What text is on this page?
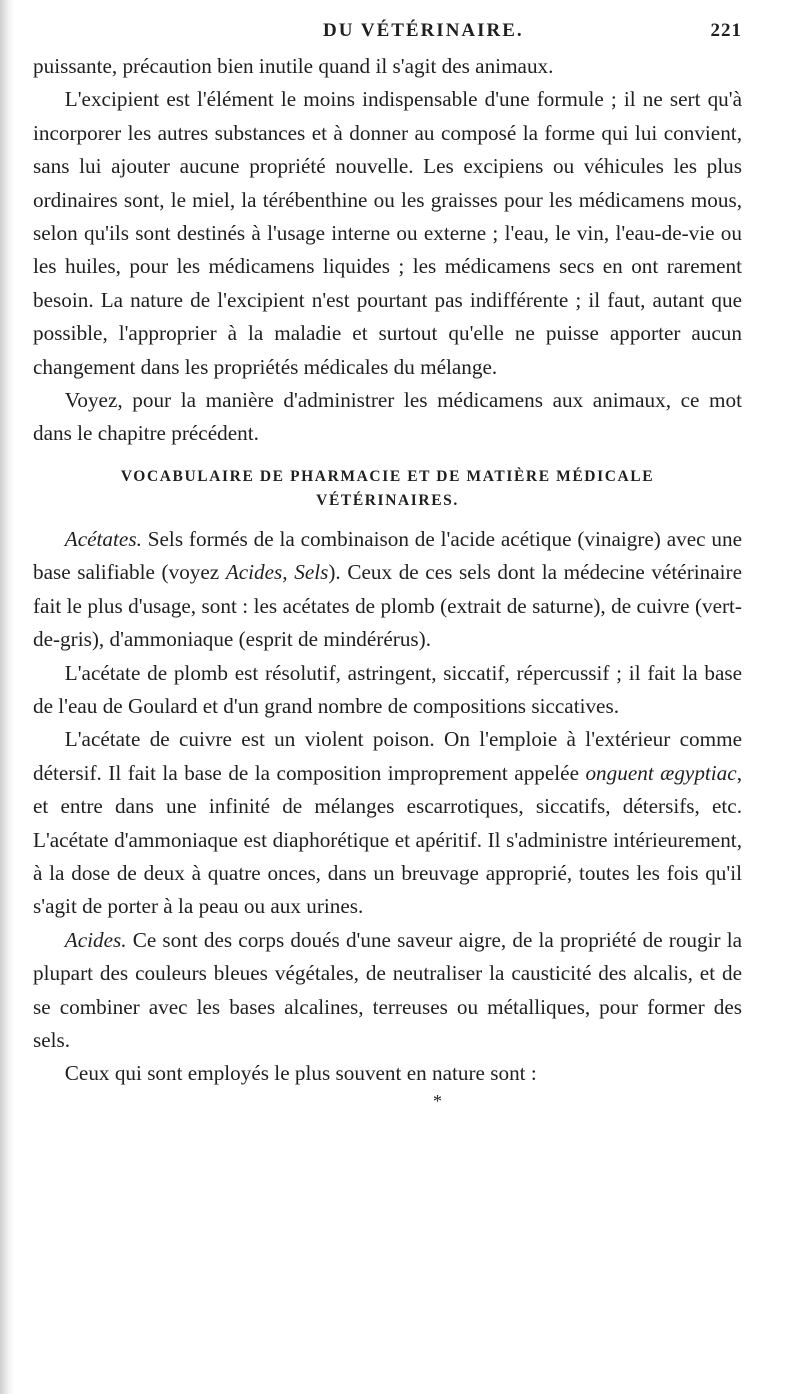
DU VÉTÉRINAIRE.	221

puissante, précaution bien inutile quand il s'agit des animaux.

L'excipient est l'élément le moins indispensable d'une formule ; il ne sert qu'à incorporer les autres substances et à donner au composé la forme qui lui convient, sans lui ajouter aucune propriété nouvelle. Les excipiens ou véhicules les plus ordinaires sont, le miel, la térébenthine ou les graisses pour les médicamens mous, selon qu'ils sont destinés à l'usage interne ou externe ; l'eau, le vin, l'eau-de-vie ou les huiles, pour les médicamens liquides ; les médicamens secs en ont rarement besoin. La nature de l'excipient n'est pourtant pas indifférente ; il faut, autant que possible, l'approprier à la maladie et surtout qu'elle ne puisse apporter aucun changement dans les propriétés médicales du mélange.

Voyez, pour la manière d'administrer les médicamens aux animaux, ce mot dans le chapitre précédent.

VOCABULAIRE DE PHARMACIE ET DE MATIÈRE MÉDICALE
VÉTÉRINAIRES.

Acétates. Sels formés de la combinaison de l'acide acétique (vinaigre) avec une base salifiable (voyez Acides, Sels). Ceux de ces sels dont la médecine vétérinaire fait le plus d'usage, sont : les acétates de plomb (extrait de saturne), de cuivre (vert-de-gris), d'ammoniaque (esprit de mindérérus).

L'acétate de plomb est résolutif, astringent, siccatif, répercussif ; il fait la base de l'eau de Goulard et d'un grand nombre de compositions siccatives.

L'acétate de cuivre est un violent poison. On l'emploie à l'extérieur comme détersif. Il fait la base de la composition improprement appelée onguent ægyptiac, et entre dans une infinité de mélanges escarrotiques, siccatifs, détersifs, etc. L'acétate d'ammoniaque est diaphorétique et apéritif. Il s'administre intérieurement, à la dose de deux à quatre onces, dans un breuvage approprié, toutes les fois qu'il s'agit de porter à la peau ou aux urines.

Acides. Ce sont des corps doués d'une saveur aigre, de la propriété de rougir la plupart des couleurs bleues végétales, de neutraliser la causticité des alcalis, et de se combiner avec les bases alcalines, terreuses ou métalliques, pour former des sels.

Ceux qui sont employés le plus souvent en nature sont :

*
